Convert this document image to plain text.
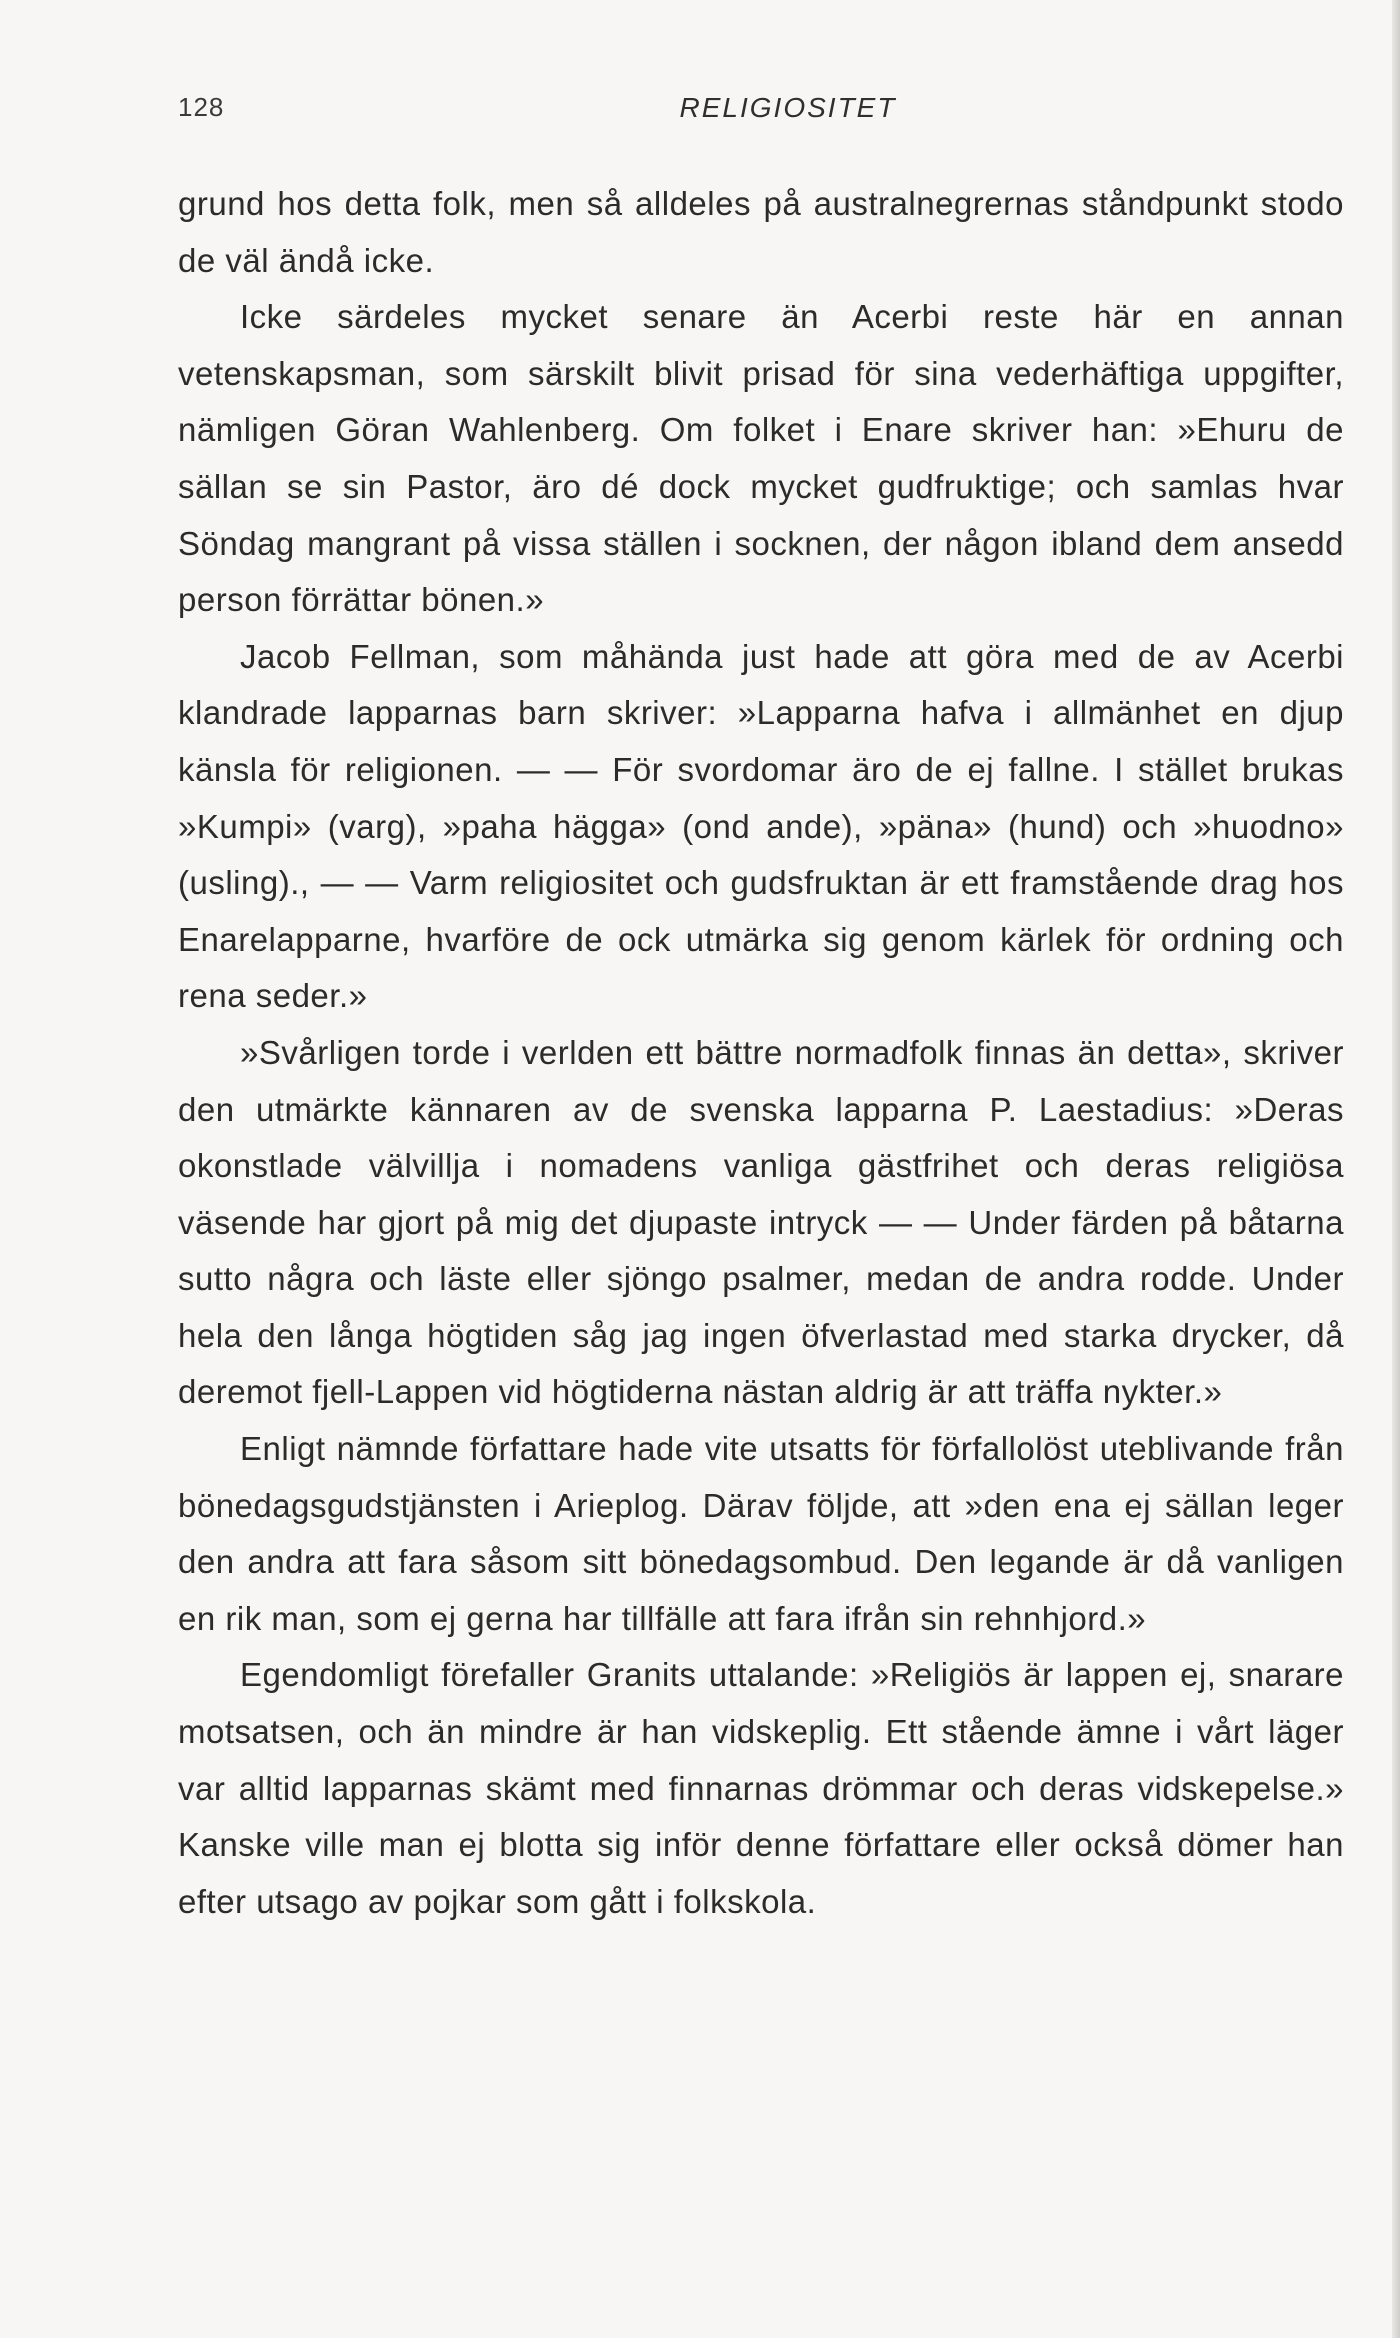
128	RELIGIOSITET

grund hos detta folk, men så alldeles på australnegrernas ståndpunkt stodo de väl ändå icke.

Icke särdeles mycket senare än Acerbi reste här en annan vetenskapsman, som särskilt blivit prisad för sina vederhäftiga uppgifter, nämligen Göran Wahlenberg. Om folket i Enare skriver han: »Ehuru de sällan se sin Pastor, äro dé dock mycket gudfruktige; och samlas hvar Söndag mangrant på vissa ställen i socknen, der någon ibland dem ansedd person förrättar bönen.»

Jacob Fellman, som måhända just hade att göra med de av Acerbi klandrade lapparnas barn skriver: »Lapparna hafva i allmänhet en djup känsla för religionen. — — För svordomar äro de ej fallne. I stället brukas »Kumpi» (varg), »paha hägga» (ond ande), »päna» (hund) och »huodno» (usling)., — — Varm religiositet och gudsfruktan är ett framstående drag hos Enarelapparne, hvarföre de ock utmärka sig genom kärlek för ordning och rena seder.»

»Svårligen torde i verlden ett bättre normadfolk finnas än detta», skriver den utmärkte kännaren av de svenska lapparna P. Laestadius: »Deras okonstlade välvillja i nomadens vanliga gästfrihet och deras religiösa väsende har gjort på mig det djupaste intryck — — Under färden på båtarna sutto några och läste eller sjöngo psalmer, medan de andra rodde. Under hela den långa högtiden såg jag ingen öfverlastad med starka drycker, då deremot fjell-Lappen vid högtiderna nästan aldrig är att träffa nykter.»

Enligt nämnde författare hade vite utsatts för förfallolöst uteblivande från bönedagsgudstjänsten i Arieplog. Därav följde, att »den ena ej sällan leger den andra att fara såsom sitt bönedagsombud. Den legande är då vanligen en rik man, som ej gerna har tillfälle att fara ifrån sin rehnhjord.»

Egendomligt förefaller Granits uttalande: »Religiös är lappen ej, snarare motsatsen, och än mindre är han vidskeplig. Ett stående ämne i vårt läger var alltid lapparnas skämt med finnarnas drömmar och deras vidskepelse.» Kanske ville man ej blotta sig inför denne författare eller också dömer han efter utsago av pojkar som gått i folkskola.
